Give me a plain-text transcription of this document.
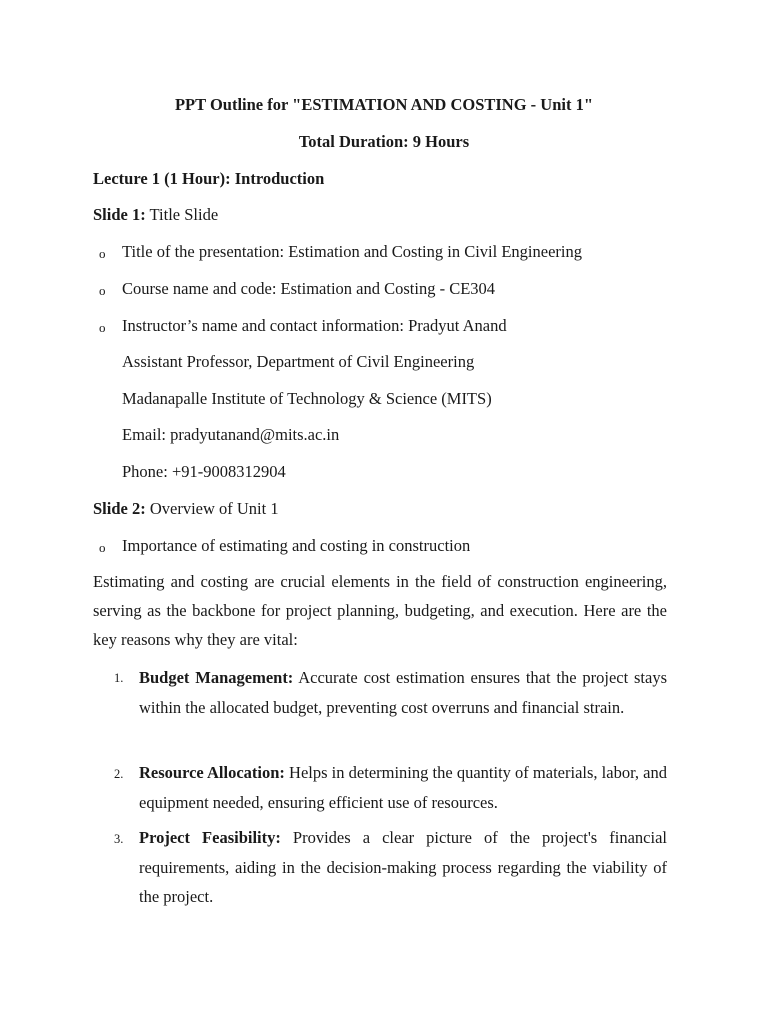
PPT Outline for "ESTIMATION AND COSTING - Unit 1"
Total Duration: 9 Hours
Lecture 1 (1 Hour): Introduction
Slide 1: Title Slide
o Title of the presentation: Estimation and Costing in Civil Engineering
o Course name and code: Estimation and Costing - CE304
o Instructor’s name and contact information: Pradyut Anand
Assistant Professor, Department of Civil Engineering
Madanapalle Institute of Technology & Science (MITS)
Email: pradyutanand@mits.ac.in
Phone: +91-9008312904
Slide 2: Overview of Unit 1
o Importance of estimating and costing in construction
Estimating and costing are crucial elements in the field of construction engineering, serving as the backbone for project planning, budgeting, and execution. Here are the key reasons why they are vital:
1. Budget Management: Accurate cost estimation ensures that the project stays within the allocated budget, preventing cost overruns and financial strain.
2. Resource Allocation: Helps in determining the quantity of materials, labor, and equipment needed, ensuring efficient use of resources.
3. Project Feasibility: Provides a clear picture of the project's financial requirements, aiding in the decision-making process regarding the viability of the project.
